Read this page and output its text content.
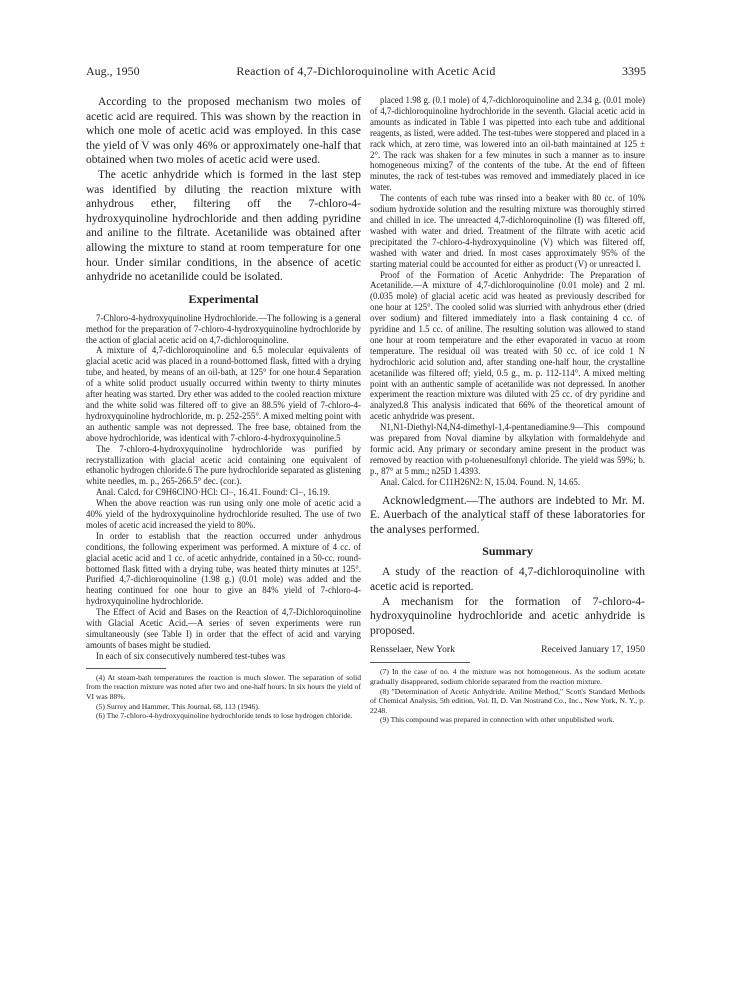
Aug., 1950	Reaction of 4,7-Dichloroquinoline with Acetic Acid	3395

According to the proposed mechanism two moles of acetic acid are required. This was shown by the reaction in which one mole of acetic acid was employed. In this case the yield of V was only 46% or approximately one-half that obtained when two moles of acetic acid were used.

The acetic anhydride which is formed in the last step was identified by diluting the reaction mixture with anhydrous ether, filtering off the 7-chloro-4-hydroxyquinoline hydrochloride and then adding pyridine and aniline to the filtrate. Acetanilide was obtained after allowing the mixture to stand at room temperature for one hour. Under similar conditions, in the absence of acetic anhydride no acetanilide could be isolated.

Experimental

7-Chloro-4-hydroxyquinoline Hydrochloride.—The following is a general method for the preparation of 7-chloro-4-hydroxyquinoline hydrochloride by the action of glacial acetic acid on 4,7-dichloroquinoline.

A mixture of 4,7-dichloroquinoline and 6.5 molecular equivalents of glacial acetic acid was placed in a round-bottomed flask, fitted with a drying tube, and heated, by means of an oil-bath, at 125° for one hour.4 Separation of a white solid product usually occurred within twenty to thirty minutes after heating was started. Dry ether was added to the cooled reaction mixture and the white solid was filtered off to give an 88.5% yield of 7-chloro-4-hydroxyquinoline hydrochloride, m. p. 252-255°. A mixed melting point with an authentic sample was not depressed. The free base, obtained from the above hydrochloride, was identical with 7-chloro-4-hydroxyquinoline.5

The 7-chloro-4-hydroxyquinoline hydrochloride was purified by recrystallization with glacial acetic acid containing one equivalent of ethanolic hydrogen chloride.6 The pure hydrochloride separated as glistening white needles, m. p., 265-266.5° dec. (cor.).

Anal. Calcd. for C9H6ClNO·HCl: Cl−, 16.41. Found: Cl−, 16.19.

When the above reaction was run using only one mole of acetic acid a 40% yield of the hydroxyquinoline hydrochloride resulted. The use of two moles of acetic acid increased the yield to 80%.

In order to establish that the reaction occurred under anhydrous conditions, the following experiment was performed. A mixture of 4 cc. of glacial acetic acid and 1 cc. of acetic anhydride, contained in a 50-cc. round-bottomed flask fitted with a drying tube, was heated thirty minutes at 125°. Purified 4,7-dichloroquinoline (1.98 g.) (0.01 mole) was added and the heating continued for one hour to give an 84% yield of 7-chloro-4-hydroxyquinoline hydrochloride.

The Effect of Acid and Bases on the Reaction of 4,7-Dichloroquinoline with Glacial Acetic Acid.—A series of seven experiments were run simultaneously (see Table I) in order that the effect of acid and varying amounts of bases might be studied.

In each of six consecutively numbered test-tubes was

(4) At steam-bath temperatures the reaction is much slower. The separation of solid from the reaction mixture was noted after two and one-half hours. In six hours the yield of VI was 88%.

(5) Surrey and Hammer, This Journal, 68, 113 (1946).

(6) The 7-chloro-4-hydroxyquinoline hydrochloride tends to lose hydrogen chloride.

placed 1.98 g. (0.1 mole) of 4,7-dichloroquinoline and 2.34 g. (0.01 mole) of 4,7-dichloroquinoline hydrochloride in the seventh. Glacial acetic acid in amounts as indicated in Table I was pipetted into each tube and additional reagents, as listed, were added. The test-tubes were stoppered and placed in a rack which, at zero time, was lowered into an oil-bath maintained at 125 ± 2°. The rack was shaken for a few minutes in such a manner as to insure homogeneous mixing7 of the contents of the tube. At the end of fifteen minutes, the rack of test-tubes was removed and immediately placed in ice water.

The contents of each tube was rinsed into a beaker with 80 cc. of 10% sodium hydroxide solution and the resulting mixture was thoroughly stirred and chilled in ice. The unreacted 4,7-dichloroquinoline (I) was filtered off, washed with water and dried. Treatment of the filtrate with acetic acid precipitated the 7-chloro-4-hydroxyquinoline (V) which was filtered off, washed with water and dried. In most cases approximately 95% of the starting material could be accounted for either as product (V) or unreacted I.

Proof of the Formation of Acetic Anhydride: The Preparation of Acetanilide.—A mixture of 4,7-dichloroquinoline (0.01 mole) and 2 ml. (0.035 mole) of glacial acetic acid was heated as previously described for one hour at 125°. The cooled solid was slurried with anhydrous ether (dried over sodium) and filtered immediately into a flask containing 4 cc. of pyridine and 1.5 cc. of aniline. The resulting solution was allowed to stand one hour at room temperature and the ether evaporated in vacuo at room temperature. The residual oil was treated with 50 cc. of ice cold 1 N hydrochloric acid solution and, after standing one-half hour, the crystalline acetanilide was filtered off; yield, 0.5 g., m. p. 112-114°. A mixed melting point with an authentic sample of acetanilide was not depressed. In another experiment the reaction mixture was diluted with 25 cc. of dry pyridine and analyzed.8 This analysis indicated that 66% of the theoretical amount of acetic anhydride was present.

N1,N1-Diethyl-N4,N4-dimethyl-1,4-pentanediamine.9—This compound was prepared from Noval diamine by alkylation with formaldehyde and formic acid. Any primary or secondary amine present in the product was removed by reaction with p-toluenesulfonyl chloride. The yield was 59%; b. p., 87° at 5 mm.; n25D 1.4393.

Anal. Calcd. for C11H26N2: N, 15.04. Found. N, 14.65.

Acknowledgment.—The authors are indebted to Mr. M. E. Auerbach of the analytical staff of these laboratories for the analyses performed.

Summary

A study of the reaction of 4,7-dichloroquinoline with acetic acid is reported.

A mechanism for the formation of 7-chloro-4-hydroxyquinoline hydrochloride and acetic anhydride is proposed.

Rensselaer, New York	Received January 17, 1950

(7) In the case of no. 4 the mixture was not homogeneous. As the sodium acetate gradually disappeared, sodium chloride separated from the reaction mixture.

(8) "Determination of Acetic Anhydride. Aniline Method," Scott's Standard Methods of Chemical Analysis, 5th edition, Vol. II, D. Van Nostrand Co., Inc., New York, N. Y., p. 2248.

(9) This compound was prepared in connection with other unpublished work.
